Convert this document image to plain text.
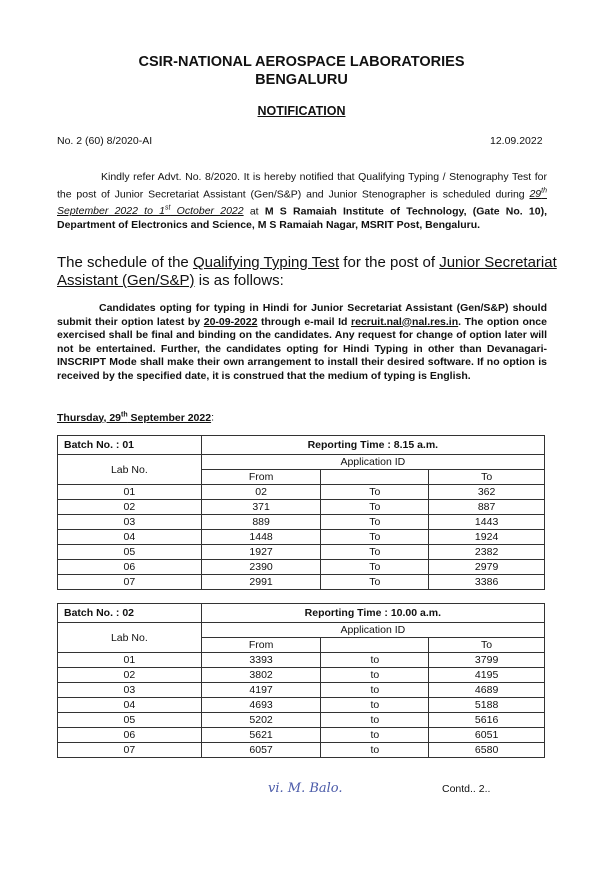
CSIR-NATIONAL AEROSPACE LABORATORIES
BENGALURU
NOTIFICATION
No. 2 (60) 8/2020-AI	12.09.2022
Kindly refer Advt. No. 8/2020. It is hereby notified that Qualifying Typing / Stenography Test for the post of Junior Secretariat Assistant (Gen/S&P) and Junior Stenographer is scheduled during 29th September 2022 to 1st October 2022 at M S Ramaiah Institute of Technology, (Gate No. 10), Department of Electronics and Science, M S Ramaiah Nagar, MSRIT Post, Bengaluru.
The schedule of the Qualifying Typing Test for the post of Junior Secretariat Assistant (Gen/S&P) is as follows:
Candidates opting for typing in Hindi for Junior Secretariat Assistant (Gen/S&P) should submit their option latest by 20-09-2022 through e-mail Id recruit.nal@nal.res.in. The option once exercised shall be final and binding on the candidates. Any request for change of option later will not be entertained. Further, the candidates opting for Hindi Typing in other than Devanagari-INSCRIPT Mode shall make their own arrangement to install their desired software. If no option is received by the specified date, it is construed that the medium of typing is English.
Thursday, 29th September 2022:
Batch No. : 01	Reporting Time : 8.15 a.m.		
Lab No.	Application ID		
	From		To
01	02	To	362
02	371	To	887
03	889	To	1443
04	1448	To	1924
05	1927	To	2382
06	2390	To	2979
07	2991	To	3386
Batch No. : 02	Reporting Time : 10.00 a.m.		
Lab No.	Application ID		
	From		To
01	3393	to	3799
02	3802	to	4195
03	4197	to	4689
04	4693	to	5188
05	5202	to	5616
06	5621	to	6051
07	6057	to	6580
vi. M. Balo.	Contd.. 2..
